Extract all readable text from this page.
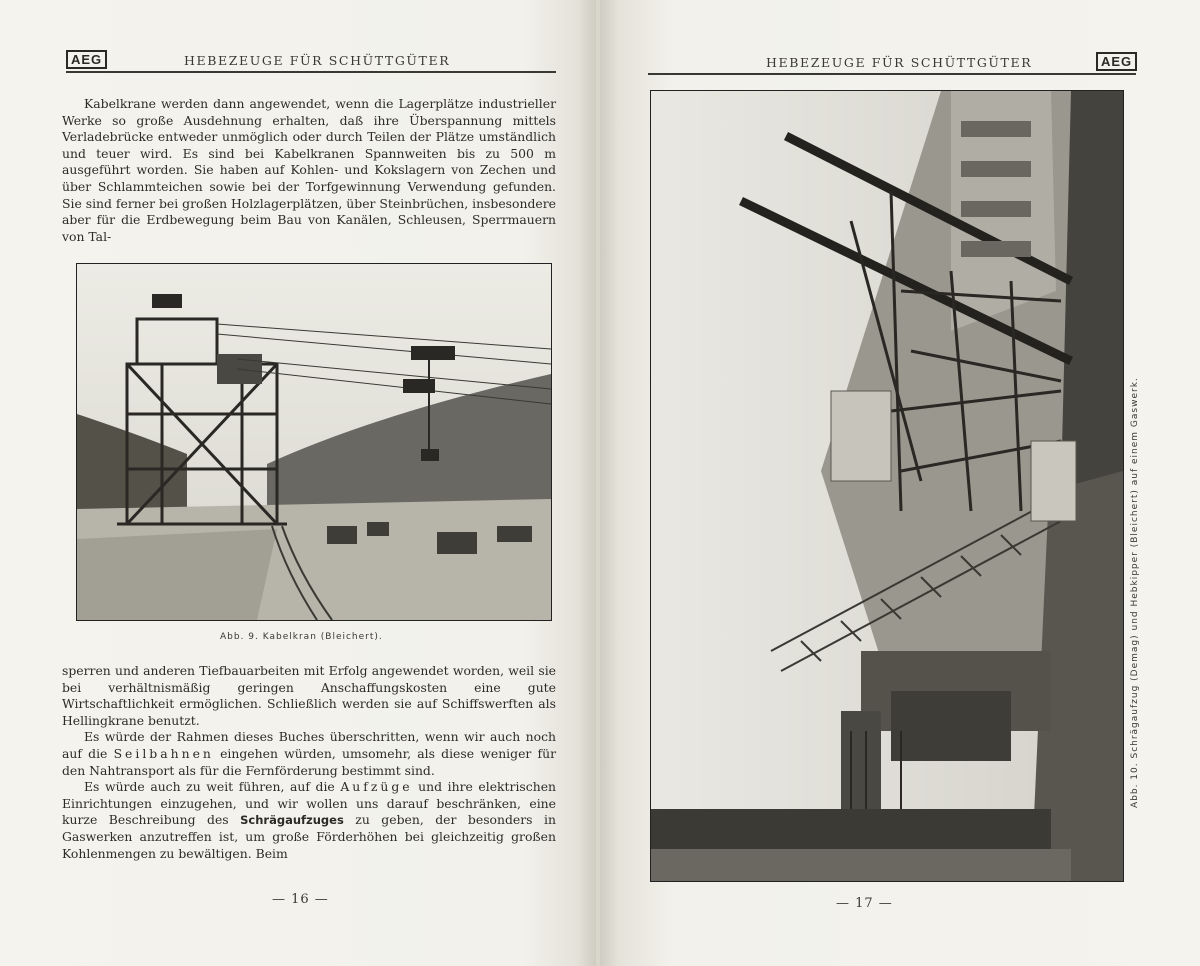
AEG	HEBEZEUGE FÜR SCHÜTTGÜTER

Kabelkrane werden dann angewendet, wenn die Lagerplätze industrieller Werke so große Ausdehnung erhalten, daß ihre Überspannung mittels Verladebrücke entweder unmöglich oder durch Teilen der Plätze umständlich und teuer wird. Es sind bei Kabelkranen Spannweiten bis zu 500 m ausgeführt worden. Sie haben auf Kohlen- und Kokslagern von Zechen und über Schlammteichen sowie bei der Torfgewinnung Verwendung gefunden. Sie sind ferner bei großen Holzlagerplätzen, über Steinbrüchen, insbesondere aber für die Erdbewegung beim Bau von Kanälen, Schleusen, Sperrmauern von Tal-

Abb. 9. Kabelkran (Bleichert).

sperren und anderen Tiefbauarbeiten mit Erfolg angewendet worden, weil sie bei verhältnismäßig geringen Anschaffungskosten eine gute Wirtschaftlichkeit ermöglichen. Schließlich werden sie auf Schiffswerften als Hellingkrane benutzt.

Es würde der Rahmen dieses Buches überschritten, wenn wir auch noch auf die Seilbahnen eingehen würden, umsomehr, als diese weniger für den Nahtransport als für die Fernförderung bestimmt sind.

Es würde auch zu weit führen, auf die Aufzüge und ihre elektrischen Einrichtungen einzugehen, und wir wollen uns darauf beschränken, eine kurze Beschreibung des Schrägaufzuges zu geben, der besonders in Gaswerken anzutreffen ist, um große Förderhöhen bei gleichzeitig großen Kohlenmengen zu bewältigen. Beim

— 16 —
HEBEZEUGE FÜR SCHÜTTGÜTER	AEG
Abb. 10. Schrägaufzug (Demag) und Hebkipper (Bleichert) auf einem Gaswerk.
— 17 —
